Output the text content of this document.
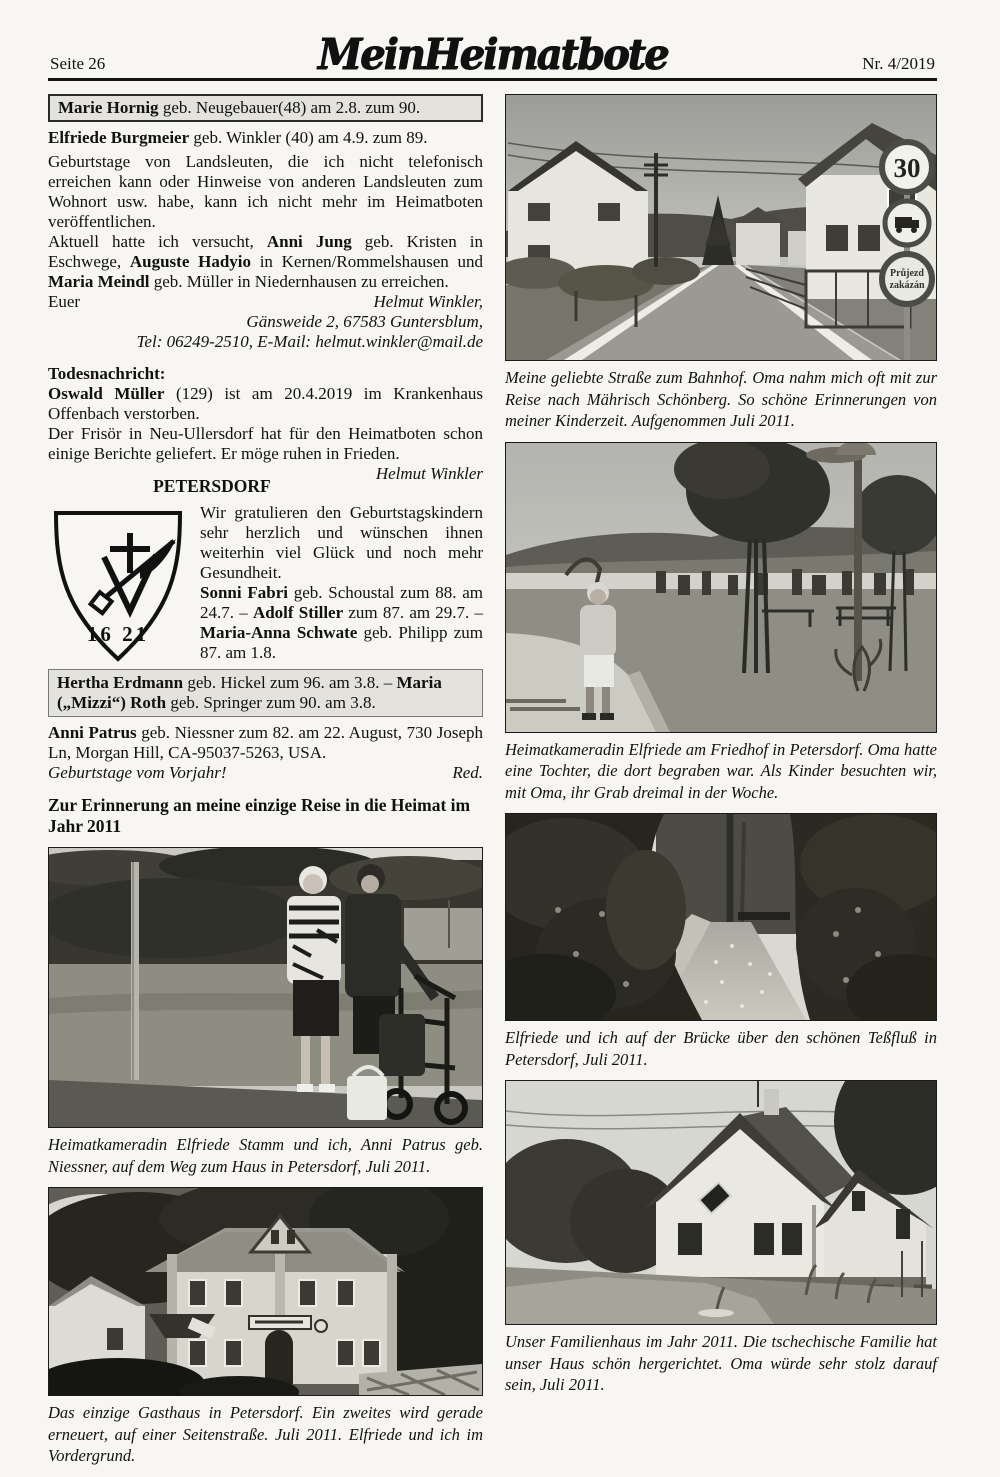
Seite 26	MeinHeimatbote	Nr. 4/2019
Marie Hornig geb. Neugebauer(48) am 2.8. zum 90.

Elfriede Burgmeier geb. Winkler (40) am 4.9. zum 89.

Geburtstage von Landsleuten, die ich nicht telefonisch erreichen kann oder Hinweise von anderen Landsleuten zum Wohnort usw. habe, kann ich nicht mehr im Heimatboten veröffentlichen.

Aktuell hatte ich versucht, Anni Jung geb. Kristen in Eschwege, Auguste Hadyio in Kernen/Rommelshausen und Maria Meindl geb. Müller in Niedernhausen zu erreichen.

Euer	Helmut Winkler,
Gänsweide 2, 67583 Guntersblum,
Tel: 06249-2510, E-Mail: helmut.winkler@mail.de

Todesnachricht:

Oswald Müller (129) ist am 20.4.2019 im Krankenhaus Offenbach verstorben.

Der Frisör in Neu-Ullersdorf hat für den Heimatboten schon einige Berichte geliefert. Er möge ruhen in Frieden.
Helmut Winkler

PETERSDORF
16 21

Wir gratulieren den Geburtstagskindern sehr herzlich und wünschen ihnen weiterhin viel Glück und noch mehr Gesundheit.

Sonni Fabri geb. Schoustal zum 88. am 24.7. – Adolf Stiller zum 87. am 29.7. – Maria-Anna Schwate geb. Philipp zum 87. am 1.8.

Hertha Erdmann geb. Hickel zum 96. am 3.8. – Maria („Mizzi“) Roth geb. Springer zum 90. am 3.8.

Anni Patrus geb. Niessner zum 82. am 22. August, 730 Joseph Ln, Morgan Hill, CA-95037-5263, USA.

Geburtstage vom Vorjahr!	Red.
Zur Erinnerung an meine einzige Reise in die Heimat im Jahr 2011

Heimatkameradin Elfriede Stamm und ich, Anni Patrus geb. Niessner, auf dem Weg zum Haus in Petersdorf, Juli 2011.

Das einzige Gasthaus in Petersdorf. Ein zweites wird gerade erneuert, auf einer Seitenstraße. Juli 2011. Elfriede und ich im Vordergrund.

30
Průjezd
zakázán

Meine geliebte Straße zum Bahnhof. Oma nahm mich oft mit zur Reise nach Mährisch Schönberg. So schöne Erinnerungen von meiner Kinderzeit. Aufgenommen Juli 2011.

Heimatkameradin Elfriede am Friedhof in Petersdorf. Oma hatte eine Tochter, die dort begraben war. Als Kinder besuchten wir, mit Oma, ihr Grab dreimal in der Woche.

Elfriede und ich auf der Brücke über den schönen Teßfluß in Petersdorf, Juli 2011.

Unser Familienhaus im Jahr 2011. Die tschechische Familie hat unser Haus schön hergerichtet. Oma würde sehr stolz darauf sein, Juli 2011.
